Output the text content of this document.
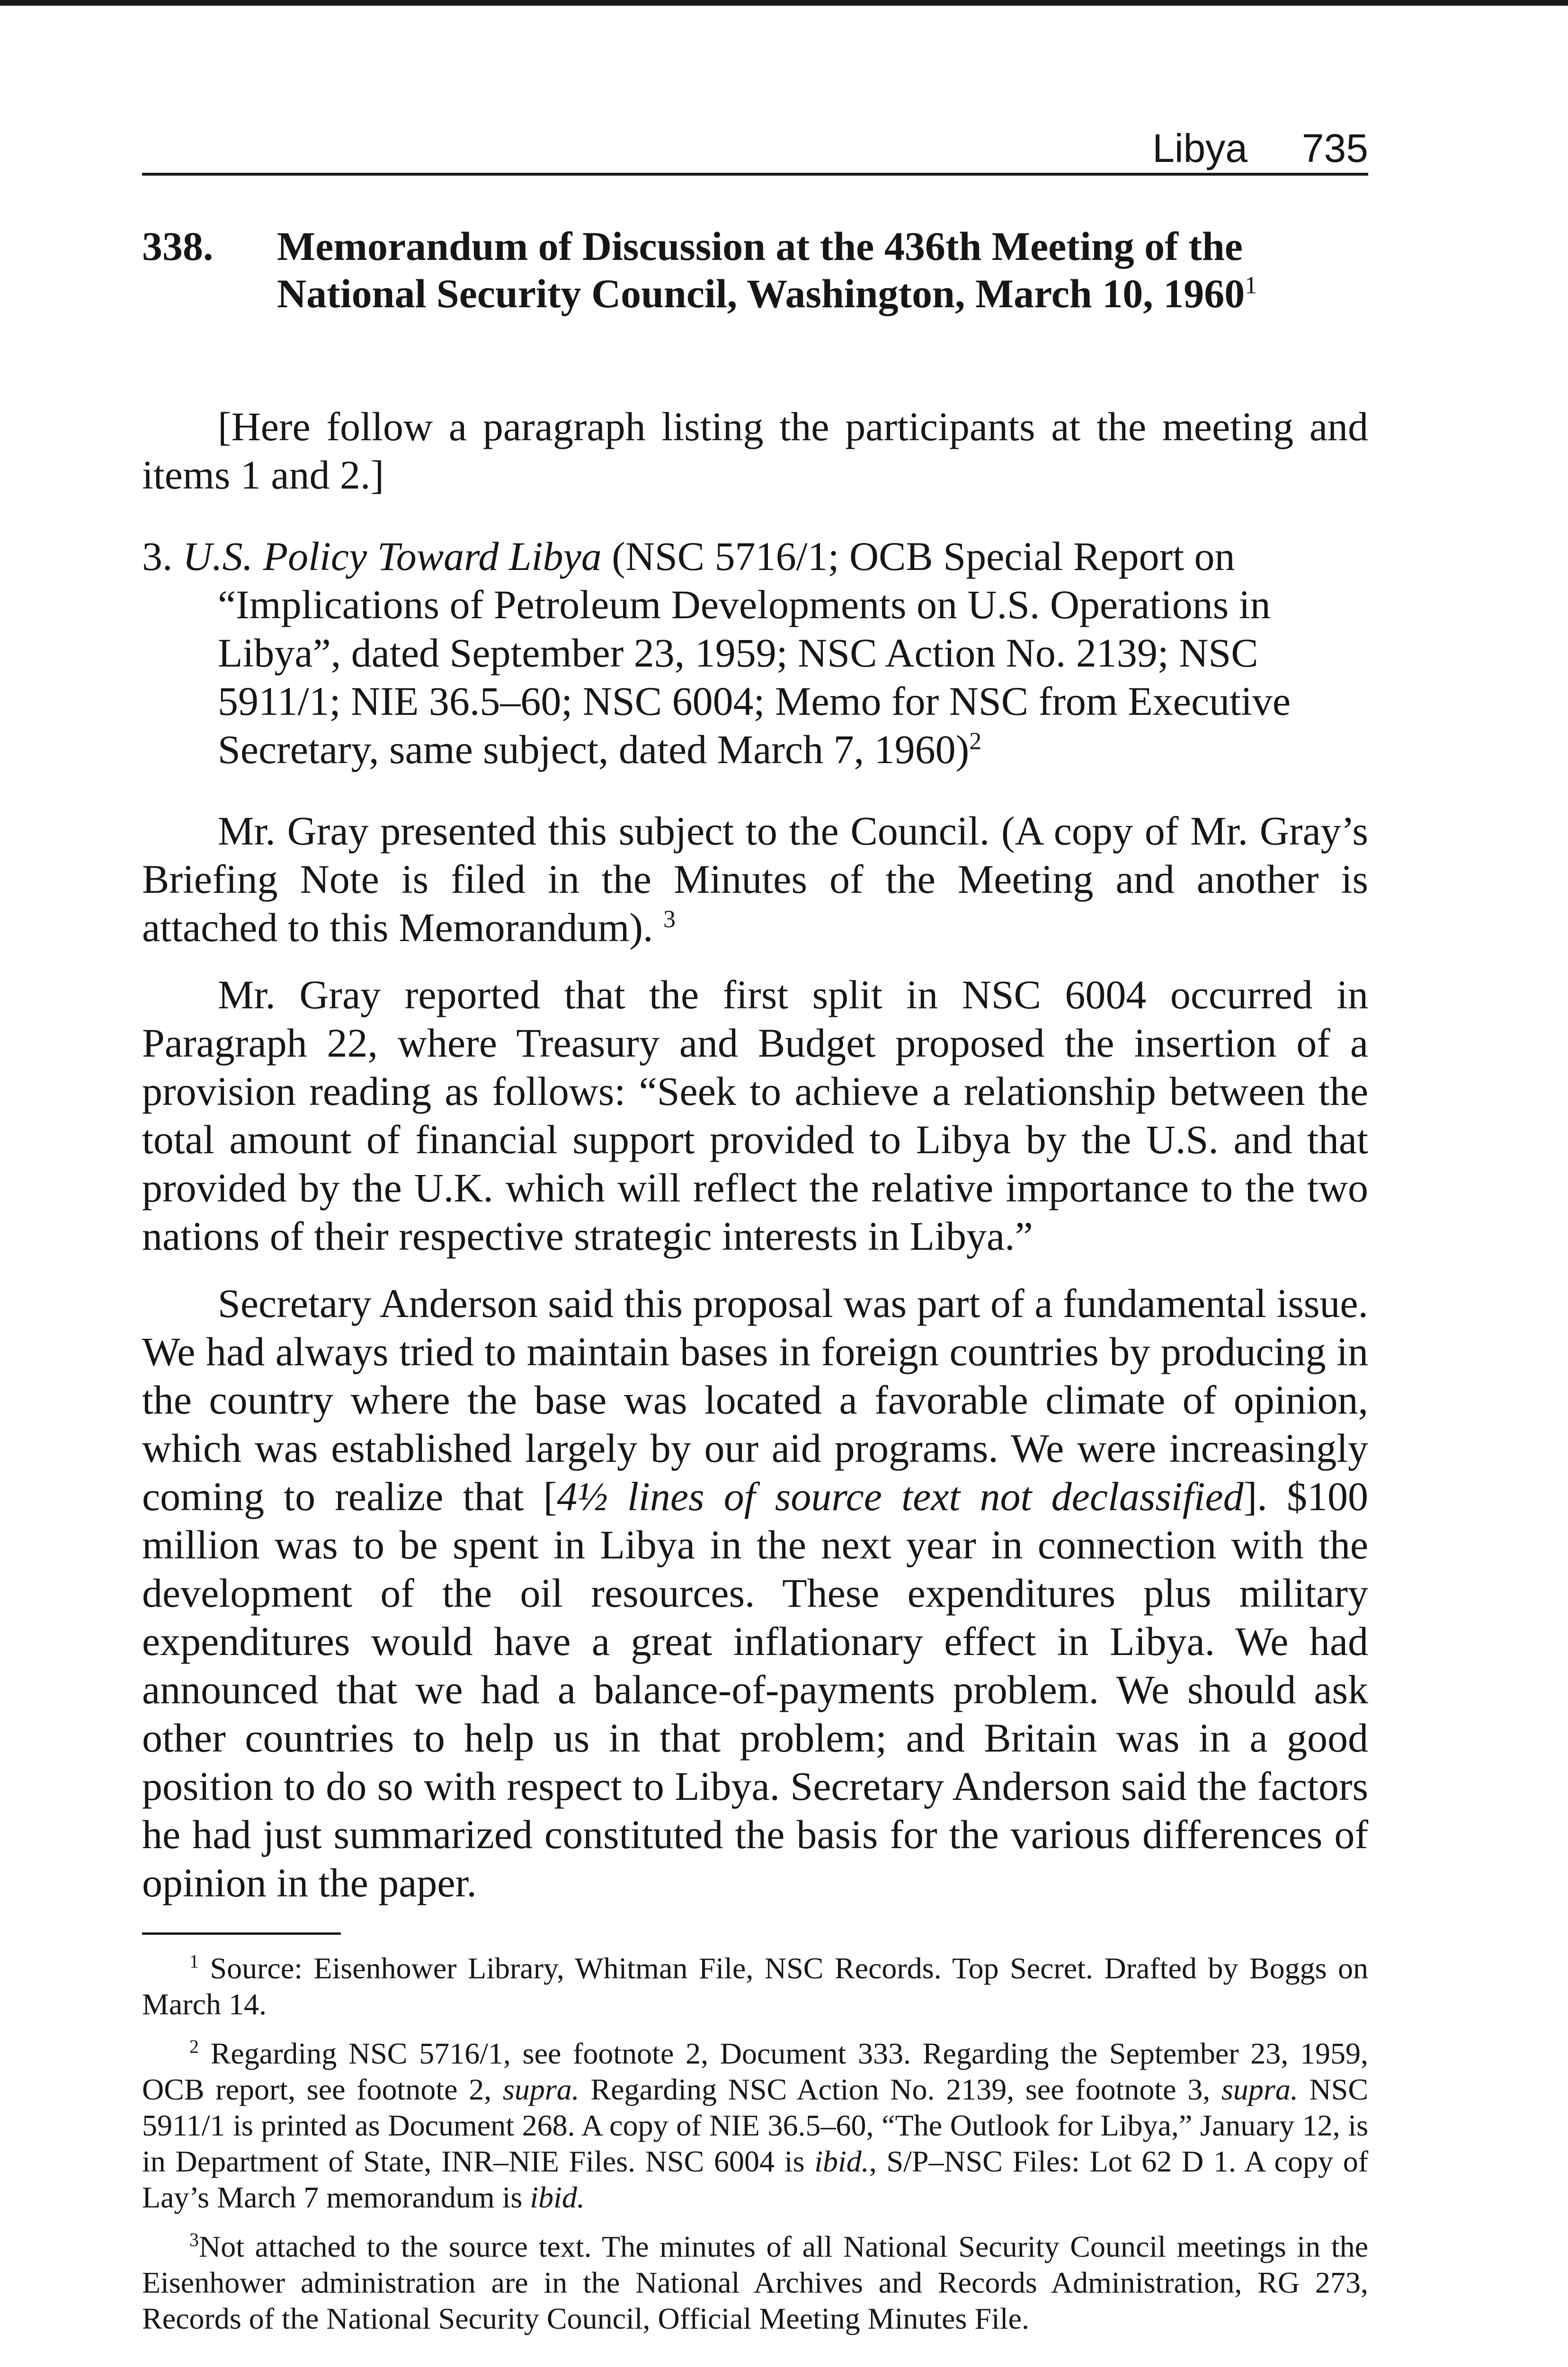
Libya 735
338. Memorandum of Discussion at the 436th Meeting of the National Security Council, Washington, March 10, 1960$^1$

[Here follow a paragraph listing the participants at the meeting and items 1 and 2.]

3. U.S. Policy Toward Libya (NSC 5716/1; OCB Special Report on “Implications of Petroleum Developments on U.S. Operations in Libya”, dated September 23, 1959; NSC Action No. 2139; NSC 5911/1; NIE 36.5–60; NSC 6004; Memo for NSC from Executive Secretary, same subject, dated March 7, 1960)$^2$

Mr. Gray presented this subject to the Council. (A copy of Mr. Gray’s Briefing Note is filed in the Minutes of the Meeting and another is attached to this Memorandum). $^3$

Mr. Gray reported that the first split in NSC 6004 occurred in Paragraph 22, where Treasury and Budget proposed the insertion of a provision reading as follows: “Seek to achieve a relationship between the total amount of financial support provided to Libya by the U.S. and that provided by the U.K. which will reflect the relative importance to the two nations of their respective strategic interests in Libya.”

Secretary Anderson said this proposal was part of a fundamental issue. We had always tried to maintain bases in foreign countries by producing in the country where the base was located a favorable climate of opinion, which was established largely by our aid programs. We were increasingly coming to realize that [4½ lines of source text not declassified]. $100 million was to be spent in Libya in the next year in connection with the development of the oil resources. These expenditures plus military expenditures would have a great inflationary effect in Libya. We had announced that we had a balance-of-payments problem. We should ask other countries to help us in that problem; and Britain was in a good position to do so with respect to Libya. Secretary Anderson said the factors he had just summarized constituted the basis for the various differences of opinion in the paper.

$^1$ Source: Eisenhower Library, Whitman File, NSC Records. Top Secret. Drafted by Boggs on March 14.

$^2$ Regarding NSC 5716/1, see footnote 2, Document 333. Regarding the September 23, 1959, OCB report, see footnote 2, supra. Regarding NSC Action No. 2139, see footnote 3, supra. NSC 5911/1 is printed as Document 268. A copy of NIE 36.5–60, “The Outlook for Libya,” January 12, is in Department of State, INR–NIE Files. NSC 6004 is ibid., S/P–NSC Files: Lot 62 D 1. A copy of Lay’s March 7 memorandum is ibid.

$^3$Not attached to the source text. The minutes of all National Security Council meetings in the Eisenhower administration are in the National Archives and Records Administration, RG 273, Records of the National Security Council, Official Meeting Minutes File.
